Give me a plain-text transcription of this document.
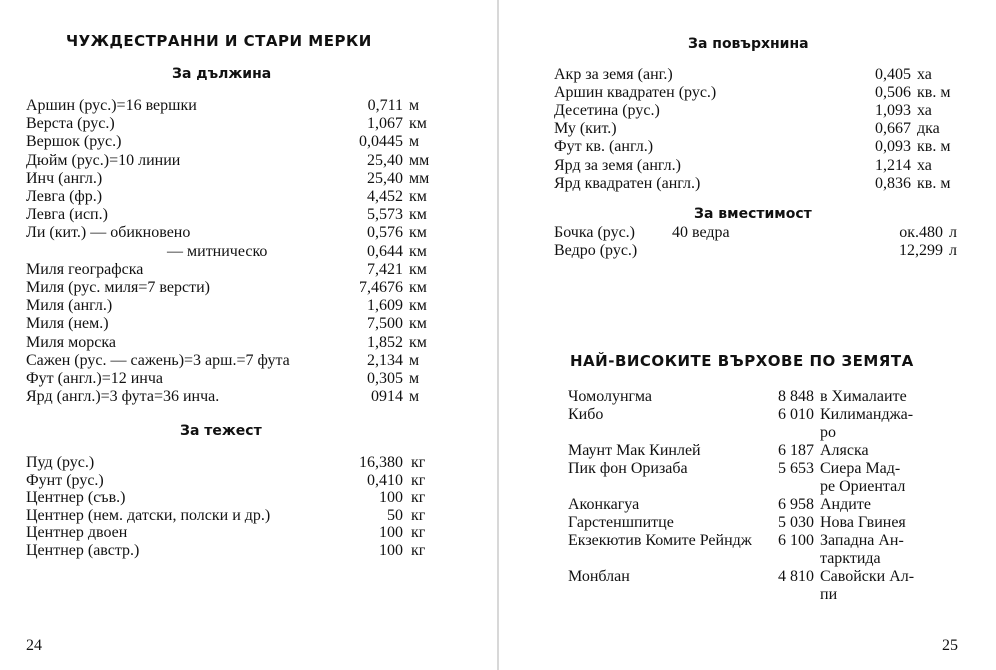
ЧУЖДЕСТРАННИ И СТАРИ МЕРКИ
За дължина
Аршин (рус.)=16 вершки	0,711 м
Верста (рус.)	1,067 км
Вершок (рус.)	0,0445 м
Дюйм (рус.)=10 линии	25,40 мм
Инч (англ.)	25,40 мм
Левга (фр.)	4,452 км
Левга (исп.)	5,573 км
Ли (кит.) — обикновено	0,576 км
— митническо	0,644 км
Миля географска	7,421 км
Миля (рус. миля=7 версти)	7,4676 км
Миля (англ.)	1,609 км
Миля (нем.)	7,500 км
Миля морска	1,852 км
Сажен (рус. — сажень)=3 арш.=7 фута	2,134 м
Фут (англ.)=12 инча	0,305 м
Ярд (англ.)=3 фута=36 инча.	0914 м
За тежест
Пуд (рус.)	16,380 кг
Фунт (рус.)	0,410 кг
Центнер (съв.)	100 кг
Центнер (нем. датски, полски и др.)	50 кг
Центнер двоен	100 кг
Центнер (австр.)	100 кг
24
За повърхнина
Акр за земя (анг.)	0,405 ха
Аршин квадратен (рус.)	0,506 кв. м
Десетина (рус.)	1,093 ха
Му (кит.)	0,667 дка
Фут кв. (англ.)	0,093 кв. м
Ярд за земя (англ.)	1,214 ха
Ярд квадратен (англ.)	0,836 кв. м
За вместимост
Бочка (рус.) 40 ведра	ок.480 л
Ведро (рус.)	12,299 л
НАЙ-ВИСОКИТЕ ВЪРХОВЕ ПО ЗЕМЯТА
Чомолунгма	8 848 в Хималаите
Кибо	6 010 Килиманджа-
ро
Маунт Мак Кинлей	6 187 Аляска
Пик фон Оризаба	5 653 Сиера Мад-
ре Ориентал
Аконкагуа	6 958 Андите
Гарстеншпитце	5 030 Нова Гвинея
Екзекютив Комите Рейндж	6 100 Западна Ан-
тарктида
Монблан	4 810 Савойски Ал-
пи
25
